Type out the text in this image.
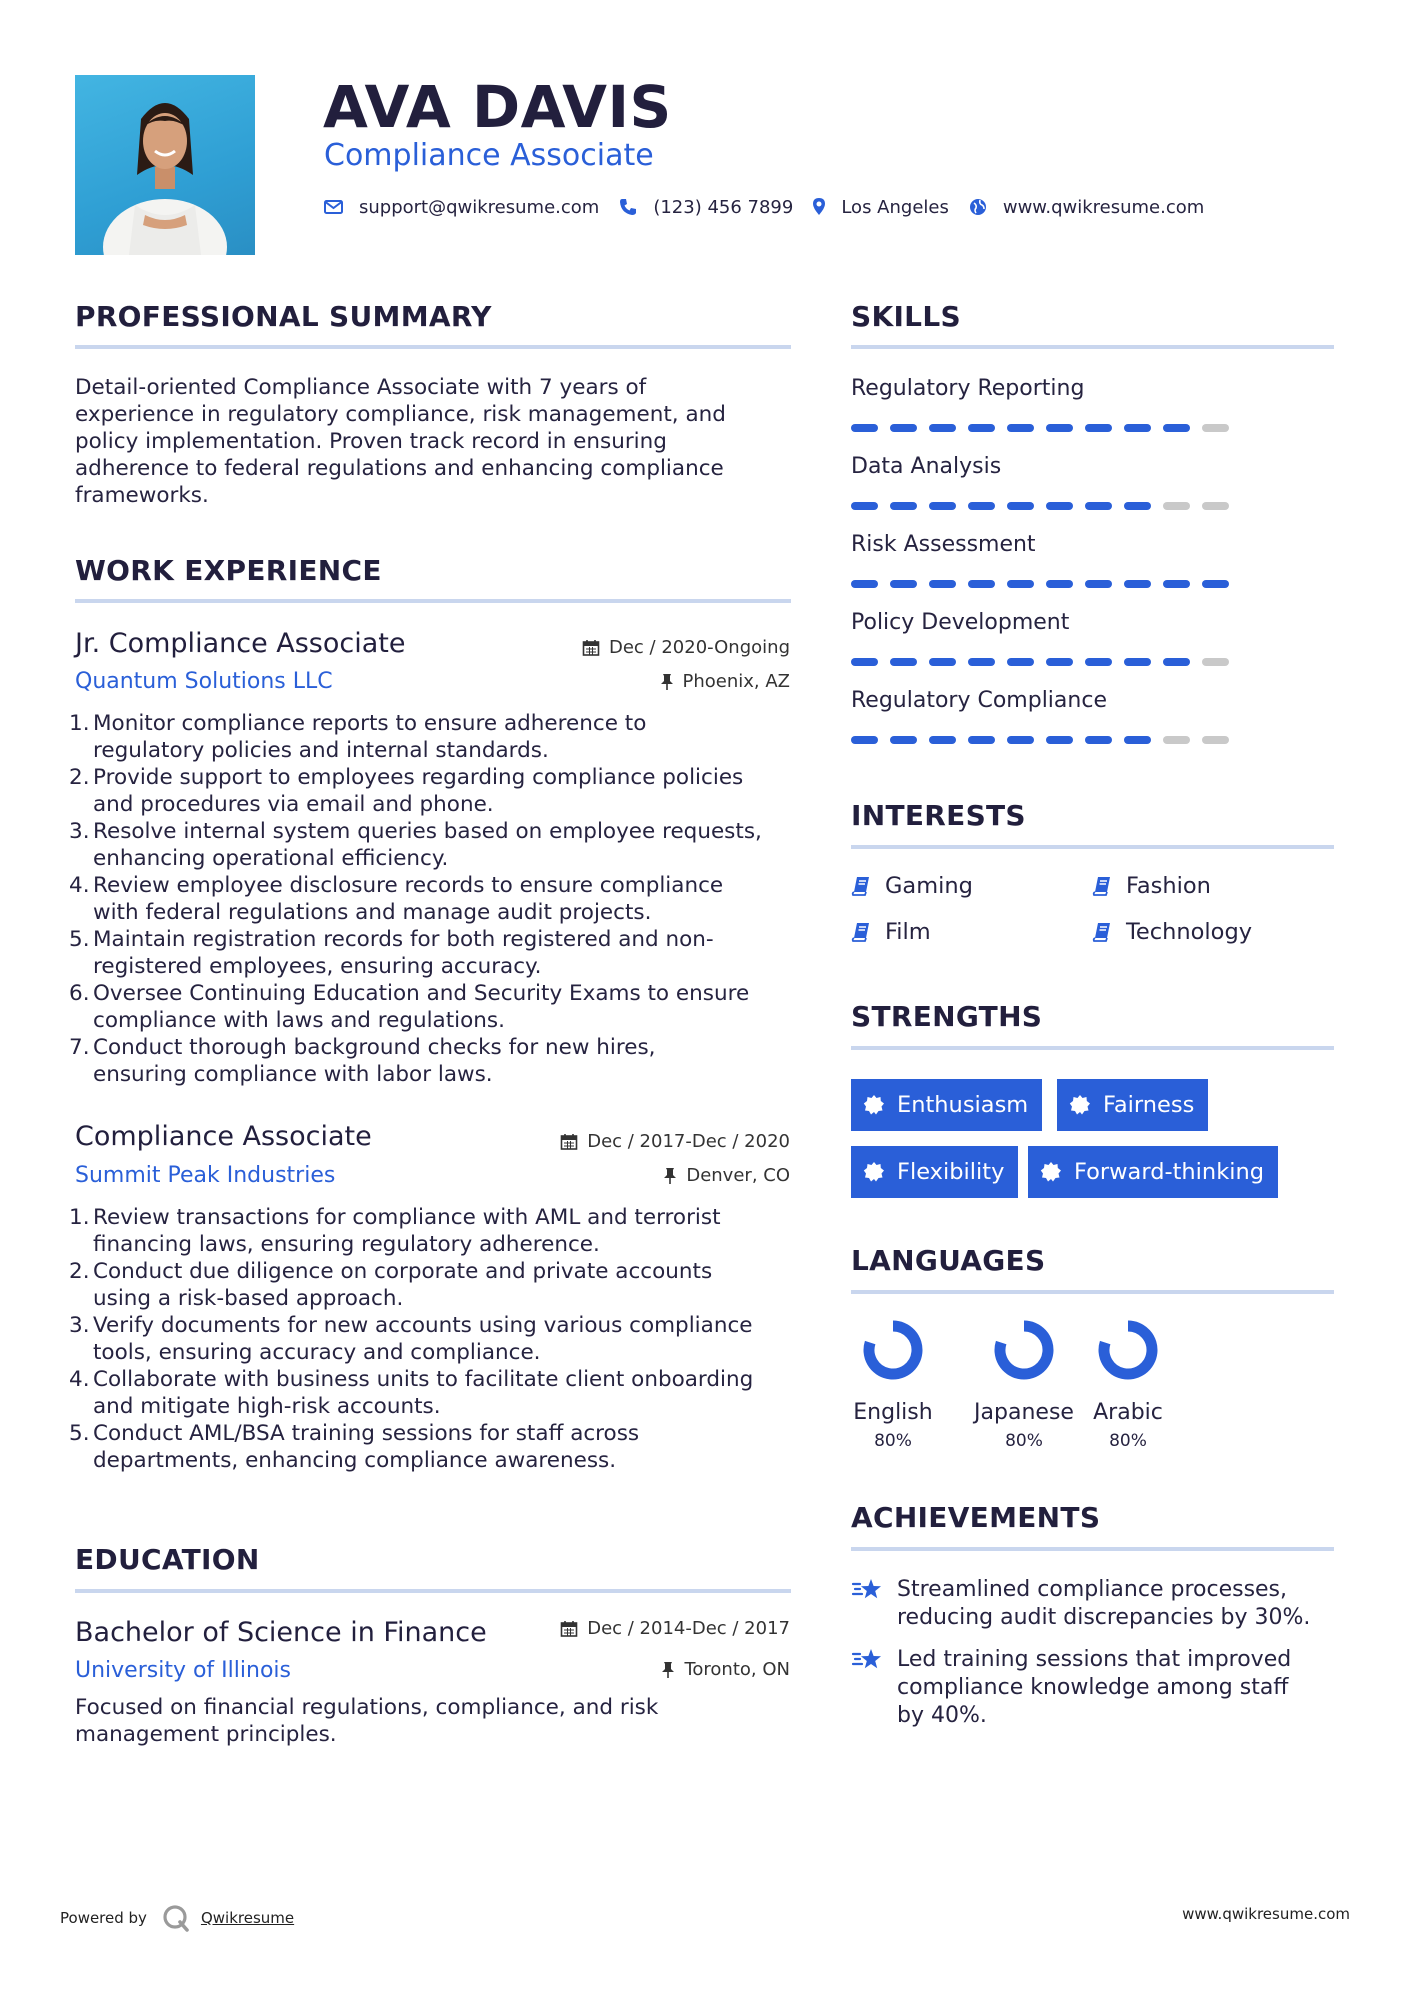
AVA DAVIS
Compliance Associate
support@qwikresume.com	(123) 456 7899	Los Angeles	www.qwikresume.com
PROFESSIONAL SUMMARY
Detail-oriented Compliance Associate with 7 years of
experience in regulatory compliance, risk management, and
policy implementation. Proven track record in ensuring
adherence to federal regulations and enhancing compliance
frameworks.
WORK EXPERIENCE
Jr. Compliance Associate	Dec / 2020-Ongoing
Quantum Solutions LLC	Phoenix, AZ
Monitor compliance reports to ensure adherence to
regulatory policies and internal standards.
Provide support to employees regarding compliance policies
and procedures via email and phone.
Resolve internal system queries based on employee requests,
enhancing operational efficiency.
Review employee disclosure records to ensure compliance
with federal regulations and manage audit projects.
Maintain registration records for both registered and non-
registered employees, ensuring accuracy.
Oversee Continuing Education and Security Exams to ensure
compliance with laws and regulations.
Conduct thorough background checks for new hires,
ensuring compliance with labor laws.
Compliance Associate	Dec / 2017-Dec / 2020
Summit Peak Industries	Denver, CO
Review transactions for compliance with AML and terrorist
financing laws, ensuring regulatory adherence.
Conduct due diligence on corporate and private accounts
using a risk-based approach.
Verify documents for new accounts using various compliance
tools, ensuring accuracy and compliance.
Collaborate with business units to facilitate client onboarding
and mitigate high-risk accounts.
Conduct AML/BSA training sessions for staff across
departments, enhancing compliance awareness.
EDUCATION
Bachelor of Science in Finance	Dec / 2014-Dec / 2017
University of Illinois	Toronto, ON
Focused on financial regulations, compliance, and risk
management principles.
SKILLS
Regulatory Reporting
Data Analysis
Risk Assessment
Policy Development
Regulatory Compliance
INTERESTS
Gaming	Fashion
Film	Technology
STRENGTHS
Enthusiasm	Fairness
Flexibility	Forward-thinking
LANGUAGES
English
80%
Japanese
80%
Arabic
80%
ACHIEVEMENTS
Streamlined compliance processes,
reducing audit discrepancies by 30%.
Led training sessions that improved
compliance knowledge among staff
by 40%.
Powered by	Qwikresume	www.qwikresume.com
